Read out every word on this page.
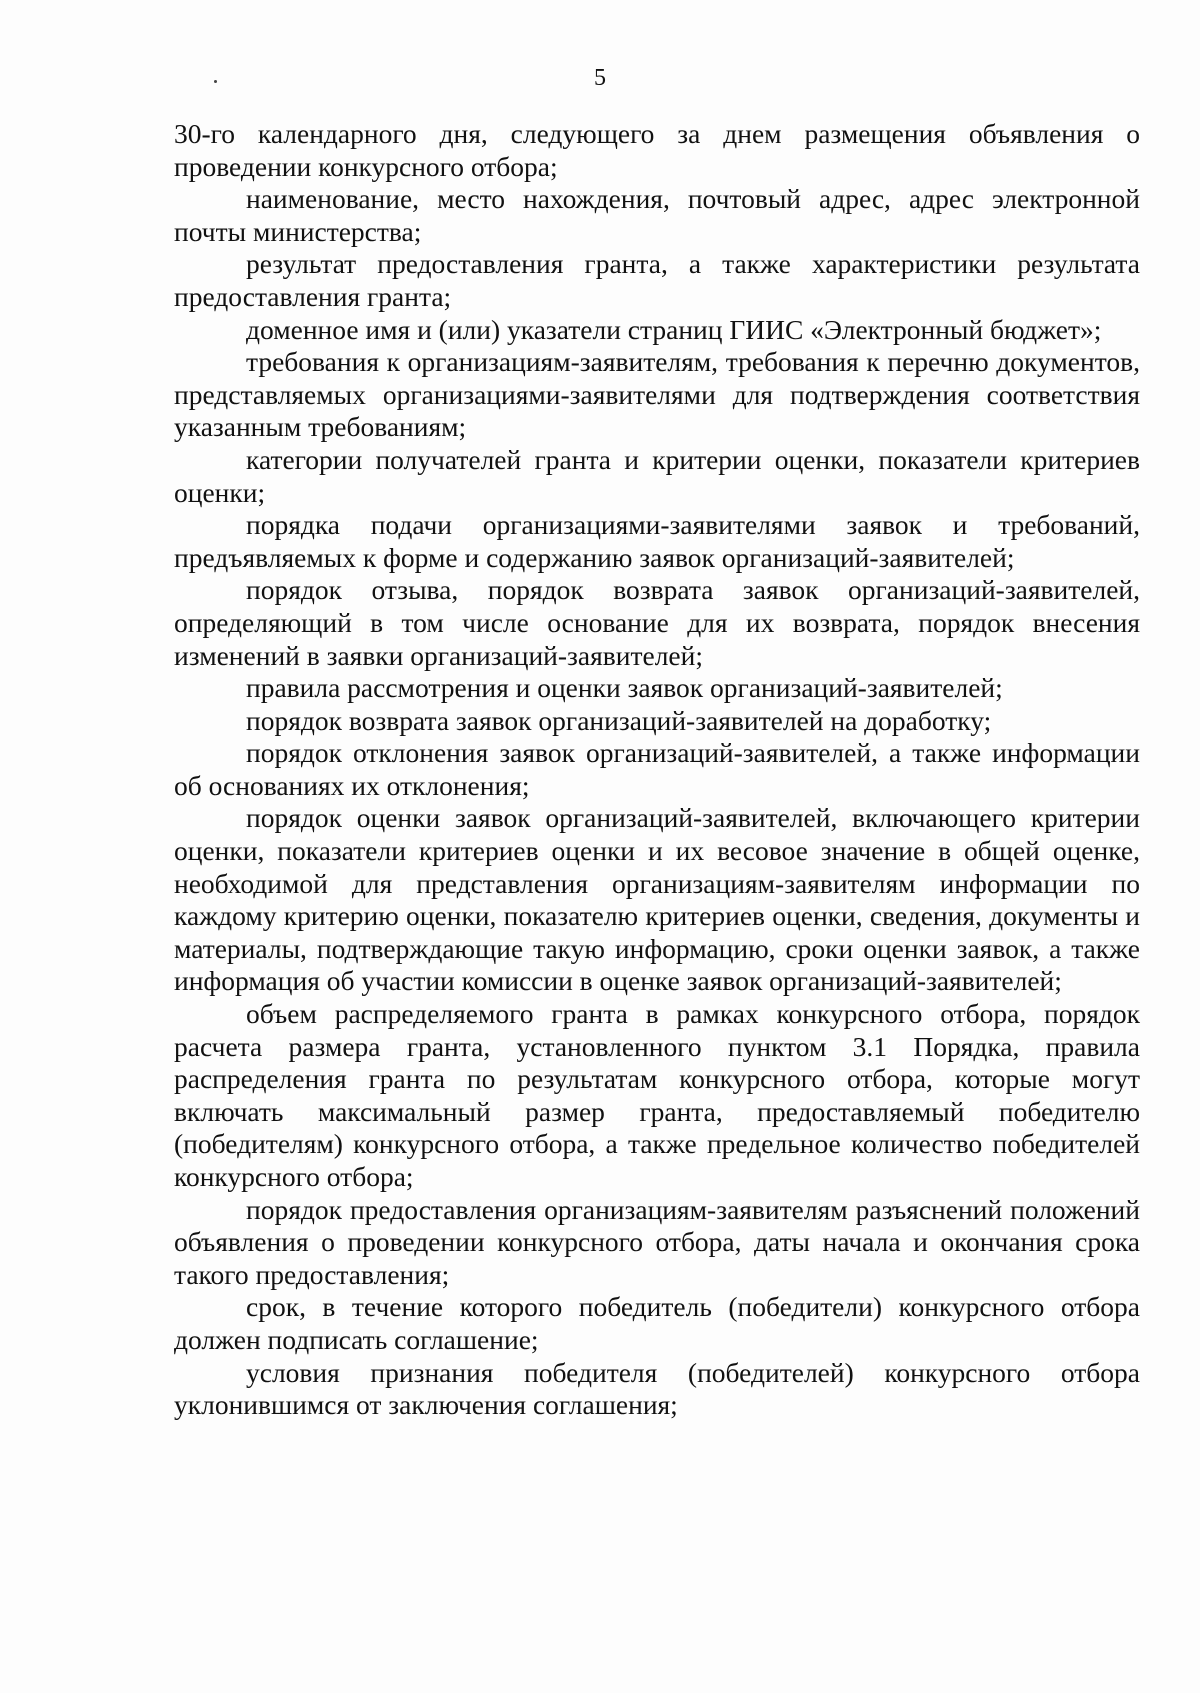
5

30-го календарного дня, следующего за днем размещения объявления о проведении конкурсного отбора;

наименование, место нахождения, почтовый адрес, адрес электронной почты министерства;

результат предоставления гранта, а также характеристики результата предоставления гранта;

доменное имя и (или) указатели страниц ГИИС «Электронный бюджет»;

требования к организациям-заявителям, требования к перечню документов, представляемых организациями-заявителями для подтверждения соответствия указанным требованиям;

категории получателей гранта и критерии оценки, показатели критериев оценки;

порядка подачи организациями-заявителями заявок и требований, предъявляемых к форме и содержанию заявок организаций-заявителей;

порядок отзыва, порядок возврата заявок организаций-заявителей, определяющий в том числе основание для их возврата, порядок внесения изменений в заявки организаций-заявителей;

правила рассмотрения и оценки заявок организаций-заявителей;

порядок возврата заявок организаций-заявителей на доработку;

порядок отклонения заявок организаций-заявителей, а также информации об основаниях их отклонения;

порядок оценки заявок организаций-заявителей, включающего критерии оценки, показатели критериев оценки и их весовое значение в общей оценке, необходимой для представления организациям-заявителям информации по каждому критерию оценки, показателю критериев оценки, сведения, документы и материалы, подтверждающие такую информацию, сроки оценки заявок, а также информация об участии комиссии в оценке заявок организаций-заявителей;

объем распределяемого гранта в рамках конкурсного отбора, порядок расчета размера гранта, установленного пунктом 3.1 Порядка, правила распределения гранта по результатам конкурсного отбора, которые могут включать максимальный размер гранта, предоставляемый победителю (победителям) конкурсного отбора, а также предельное количество победителей конкурсного отбора;

порядок предоставления организациям-заявителям разъяснений положений объявления о проведении конкурсного отбора, даты начала и окончания срока такого предоставления;

срок, в течение которого победитель (победители) конкурсного отбора должен подписать соглашение;

условия признания победителя (победителей) конкурсного отбора уклонившимся от заключения соглашения;
